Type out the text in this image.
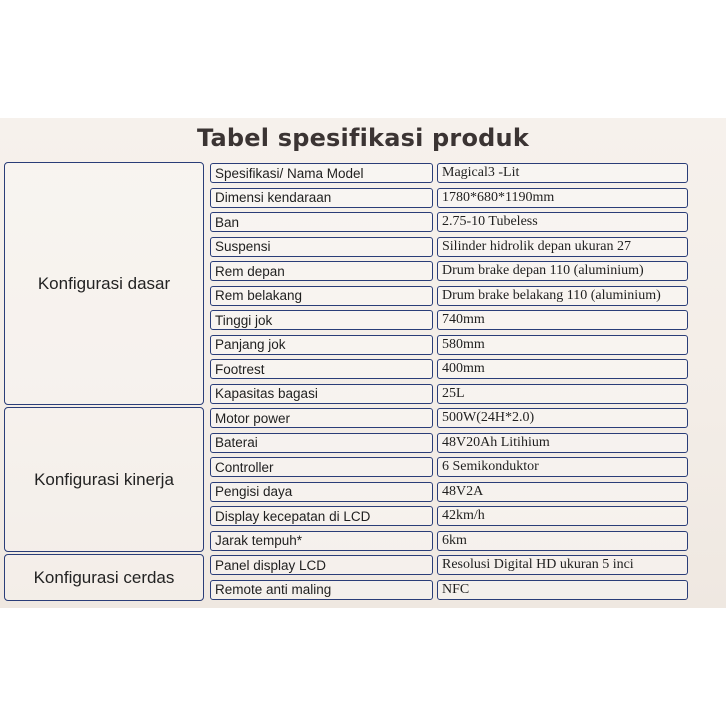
Tabel spesifikasi produk
Konfigurasi dasar
Spesifikasi/ Nama Model	Magical3 -Lit
Dimensi kendaraan	1780*680*1190mm
Ban	2.75-10 Tubeless
Suspensi	Silinder hidrolik depan ukuran 27
Rem depan	Drum brake depan 110 (aluminium)
Rem belakang	Drum brake belakang 110 (aluminium)
Tinggi jok	740mm
Panjang jok	580mm
Footrest	400mm
Kapasitas bagasi	25L
Konfigurasi kinerja
Motor power	500W(24H*2.0)
Baterai	48V20Ah Litihium
Controller	6 Semikonduktor
Pengisi daya	48V2A
Display kecepatan di LCD	42km/h
Jarak tempuh*	6km
Konfigurasi cerdas
Panel display LCD	Resolusi Digital HD ukuran 5 inci
Remote anti maling	NFC
